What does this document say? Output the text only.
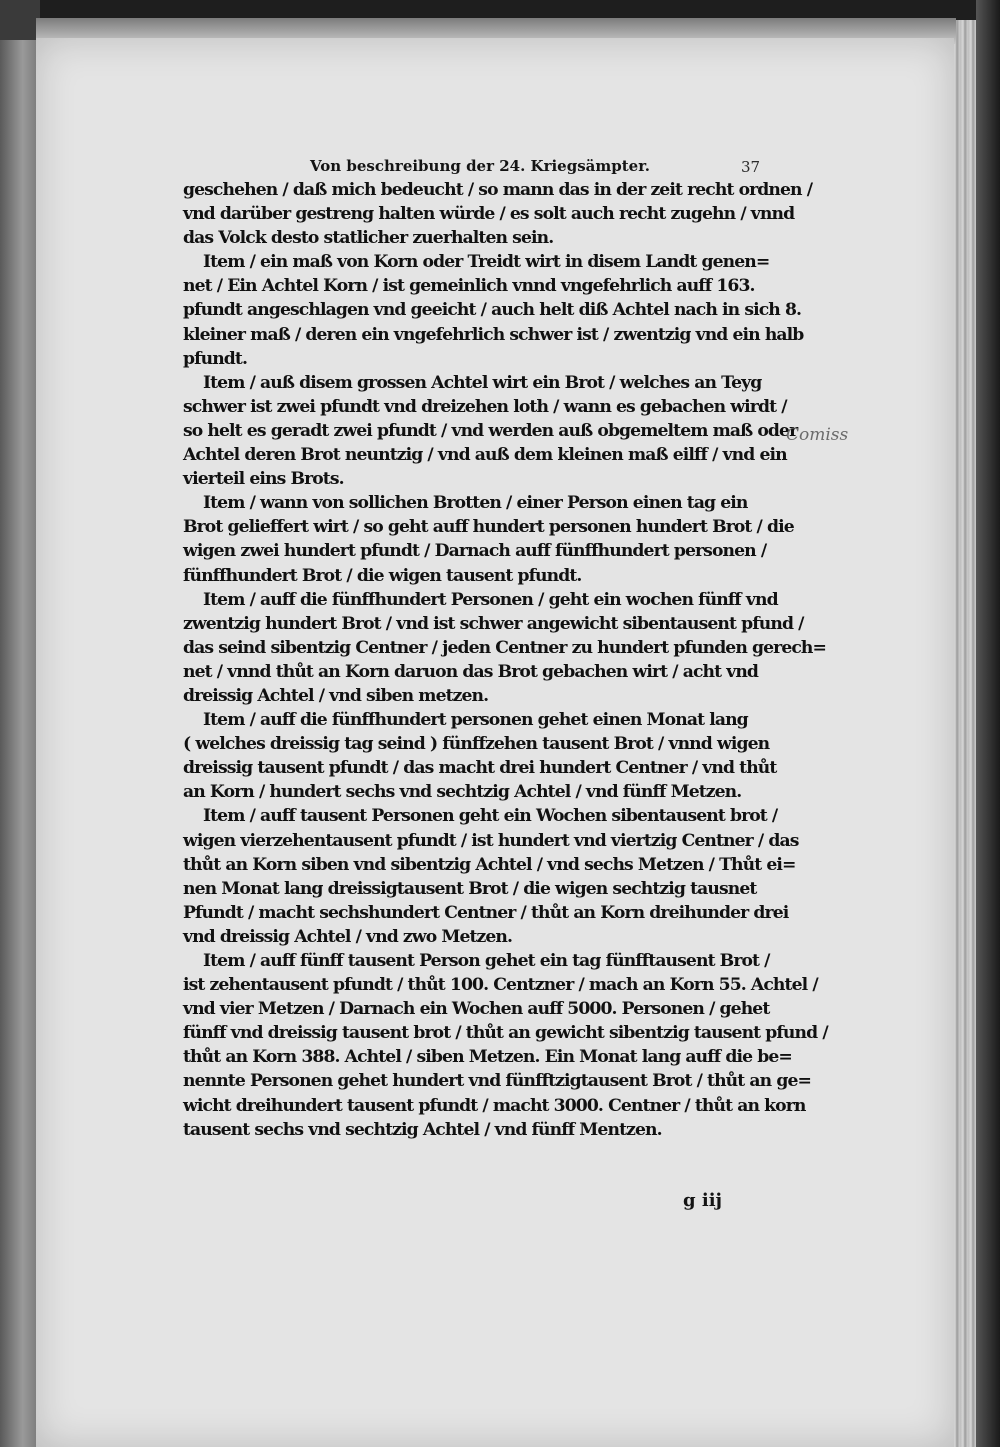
Von beschreibung der 24. Kriegsämpter.	37
geschehen / daß mich bedeucht / so mann das in der zeit recht ordnen /
vnd darüber gestreng halten würde / es solt auch recht zugehn / vnnd
das Volck desto statlicher zuerhalten sein.
Item / ein maß von Korn oder Treidt wirt in disem Landt genen=
net / Ein Achtel Korn / ist gemeinlich vnnd vngefehrlich auff 163.
pfundt angeschlagen vnd geeicht / auch helt diß Achtel nach in sich 8.
kleiner maß / deren ein vngefehrlich schwer ist / zwentzig vnd ein halb
pfundt.
Item / auß disem grossen Achtel wirt ein Brot / welches an Teyg
schwer ist zwei pfundt vnd dreizehen loth / wann es gebachen wirdt /
so helt es geradt zwei pfundt / vnd werden auß obgemeltem maß oder
Achtel deren Brot neuntzig / vnd auß dem kleinen maß eilff / vnd ein
vierteil eins Brots.
Item / wann von sollichen Brotten / einer Person einen tag ein
Brot gelieffert wirt / so geht auff hundert personen hundert Brot / die
wigen zwei hundert pfundt / Darnach auff fünffhundert personen /
fünffhundert Brot / die wigen tausent pfundt.
Item / auff die fünffhundert Personen / geht ein wochen fünff vnd
zwentzig hundert Brot / vnd ist schwer angewicht sibentausent pfund /
das seind sibentzig Centner / jeden Centner zu hundert pfunden gerech=
net / vnnd thůt an Korn daruon das Brot gebachen wirt / acht vnd
dreissig Achtel / vnd siben metzen.
Item / auff die fünffhundert personen gehet einen Monat lang
( welches dreissig tag seind ) fünffzehen tausent Brot / vnnd wigen
dreissig tausent pfundt / das macht drei hundert Centner / vnd thůt
an Korn / hundert sechs vnd sechtzig Achtel / vnd fünff Metzen.
Item / auff tausent Personen geht ein Wochen sibentausent brot /
wigen vierzehentausent pfundt / ist hundert vnd viertzig Centner / das
thůt an Korn siben vnd sibentzig Achtel / vnd sechs Metzen / Thůt ei=
nen Monat lang dreissigtausent Brot / die wigen sechtzig tausnet
Pfundt / macht sechshundert Centner / thůt an Korn dreihunder drei
vnd dreissig Achtel / vnd zwo Metzen.
Item / auff fünff tausent Person gehet ein tag fünfftausent Brot /
ist zehentausent pfundt / thůt 100. Centzner / mach an Korn 55. Achtel /
vnd vier Metzen / Darnach ein Wochen auff 5000. Personen / gehet
fünff vnd dreissig tausent brot / thůt an gewicht sibentzig tausent pfund /
thůt an Korn 388. Achtel / siben Metzen. Ein Monat lang auff die be=
nennte Personen gehet hundert vnd fünfftzigtausent Brot / thůt an ge=
wicht dreihundert tausent pfundt / macht 3000. Centner / thůt an korn
tausent sechs vnd sechtzig Achtel / vnd fünff Mentzen.
Comiss
g iij
